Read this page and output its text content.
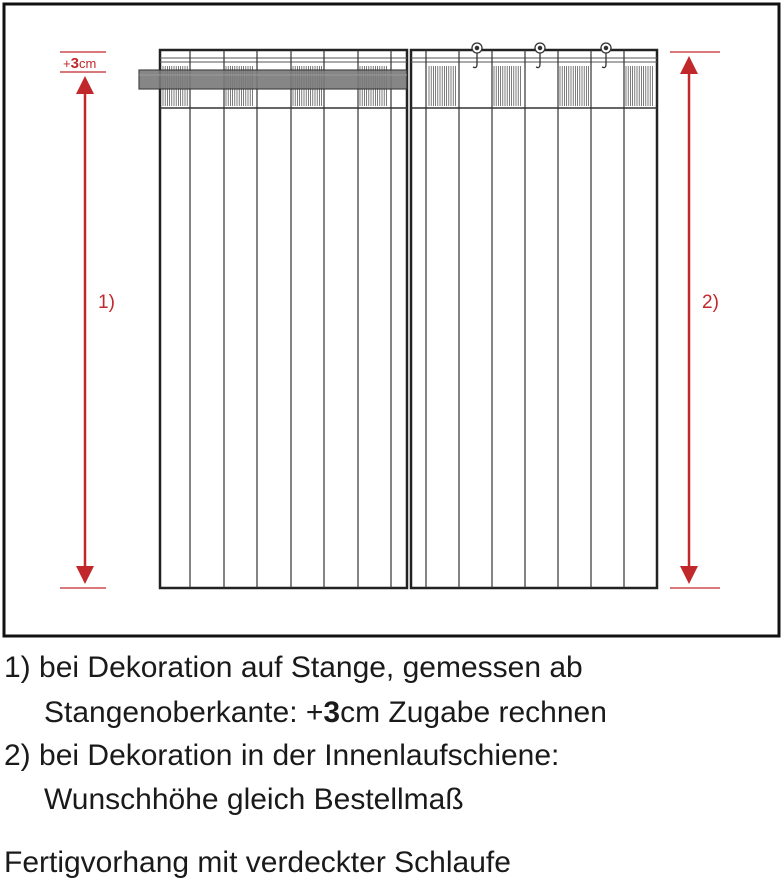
+3cm
1)	2)
1) bei Dekoration auf Stange, gemessen ab
Stangenoberkante: +3cm Zugabe rechnen
2) bei Dekoration in der Innenlaufschiene:
Wunschhöhe gleich Bestellmaß
Fertigvorhang mit verdeckter Schlaufe
